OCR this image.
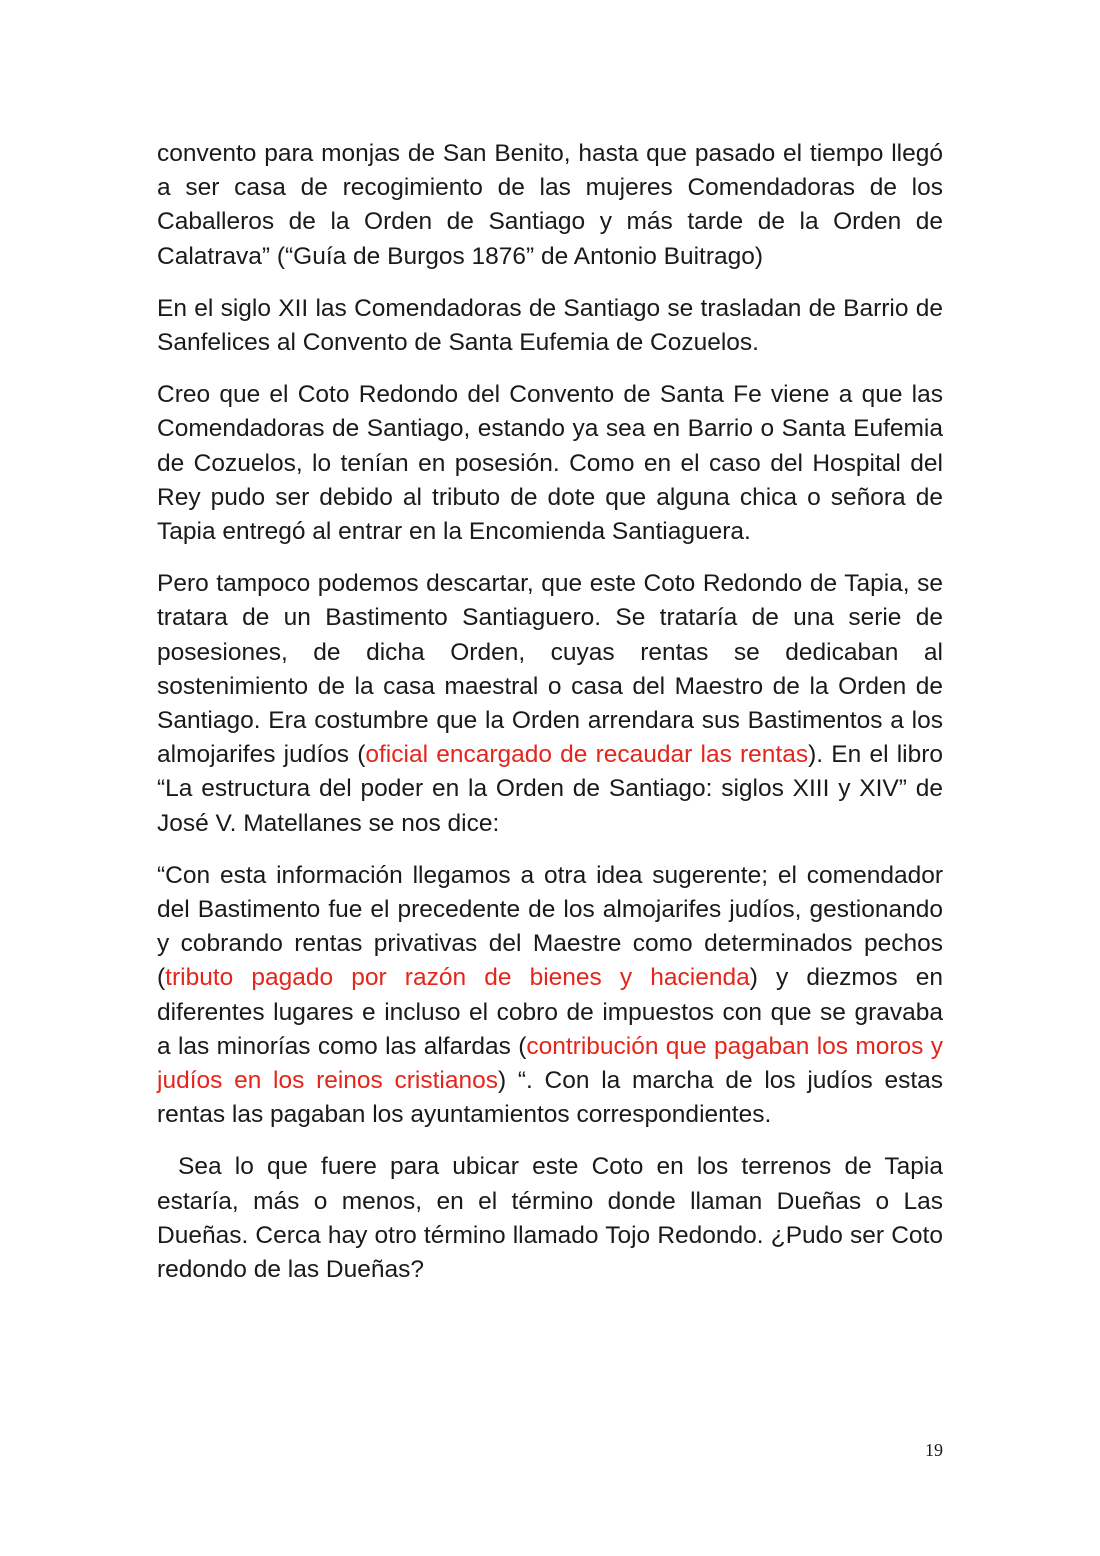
convento para monjas de San Benito, hasta que pasado el tiempo llegó a ser casa de recogimiento de las mujeres Comendadoras de los Caballeros de la Orden de Santiago y más tarde de la Orden de Calatrava” (“Guía de Burgos 1876” de Antonio Buitrago)

En el siglo XII las Comendadoras de Santiago se trasladan de Barrio de Sanfelices al Convento de Santa Eufemia de Cozuelos.

Creo que el Coto Redondo del Convento de Santa Fe viene a que las Comendadoras de Santiago, estando ya sea en Barrio o Santa Eufemia de Cozuelos, lo tenían en posesión. Como en el caso del Hospital del Rey pudo ser debido al tributo de dote que alguna chica o señora de Tapia entregó al entrar en la Encomienda Santiaguera.

Pero tampoco podemos descartar, que este Coto Redondo de Tapia, se tratara de un Bastimento Santiaguero. Se trataría de una serie de posesiones, de dicha Orden, cuyas rentas se dedicaban al sostenimiento de la casa maestral o casa del Maestro de la Orden de Santiago. Era costumbre que la Orden arrendara sus Bastimentos a los almojarifes judíos (oficial encargado de recaudar las rentas). En el libro “La estructura del poder en la Orden de Santiago: siglos XIII y XIV” de José V. Matellanes se nos dice:

“Con esta información llegamos a otra idea sugerente; el comendador del Bastimento fue el precedente de los almojarifes judíos, gestionando y cobrando rentas privativas del Maestre como determinados pechos (tributo pagado por razón de bienes y hacienda) y diezmos en diferentes lugares e incluso el cobro de impuestos con que se gravaba a las minorías como las alfardas (contribución que pagaban los moros y judíos en los reinos cristianos) “. Con la marcha de los judíos estas rentas las pagaban los ayuntamientos correspondientes.

Sea lo que fuere para ubicar este Coto en los terrenos de Tapia estaría, más o menos, en el término donde llaman Dueñas o Las Dueñas. Cerca hay otro término llamado Tojo Redondo. ¿Pudo ser Coto redondo de las Dueñas?

19
